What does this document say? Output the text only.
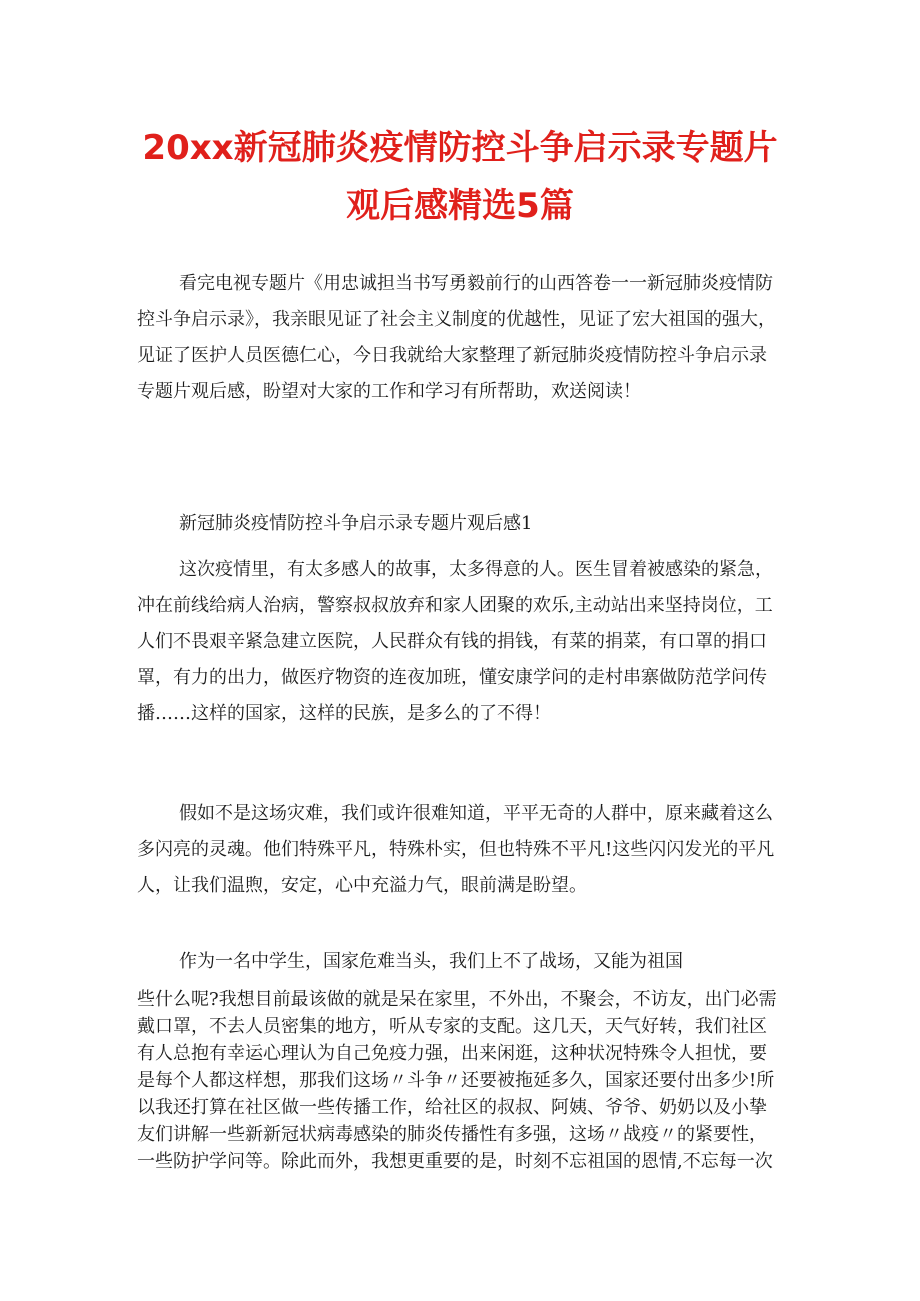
20xx新冠肺炎疫情防控斗争启示录专题片
观后感精选5篇

看完电视专题片《用忠诚担当书写勇毅前行的山西答卷一一新冠肺炎疫情防
控斗争启示录》，我亲眼见证了社会主义制度的优越性，见证了宏大祖国的强大，
见证了医护人员医德仁心，今日我就给大家整理了新冠肺炎疫情防控斗争启示录
专题片观后感，盼望对大家的工作和学习有所帮助，欢送阅读！

新冠肺炎疫情防控斗争启示录专题片观后感1

这次疫情里，有太多感人的故事，太多得意的人。医生冒着被感染的紧急，
冲在前线给病人治病，警察叔叔放弃和家人团聚的欢乐,主动站出来坚持岗位，工
人们不畏艰辛紧急建立医院，人民群众有钱的捐钱，有菜的捐菜，有口罩的捐口
罩，有力的出力，做医疗物资的连夜加班，懂安康学问的走村串寨做防范学问传
播……这样的国家，这样的民族，是多么的了不得！

假如不是这场灾难，我们或许很难知道，平平无奇的人群中，原来藏着这么
多闪亮的灵魂。他们特殊平凡，特殊朴实，但也特殊不平凡!这些闪闪发光的平凡
人，让我们温煦，安定，心中充溢力气，眼前满是盼望。

作为一名中学生，国家危难当头，我们上不了战场，又能为祖国

些什么呢?我想目前最该做的就是呆在家里，不外出，不聚会，不访友，出门必需
戴口罩，不去人员密集的地方，听从专家的支配。这几天，天气好转，我们社区
有人总抱有幸运心理认为自己免疫力强，出来闲逛，这种状况特殊令人担忧，要
是每个人都这样想，那我们这场〃斗争〃还要被拖延多久，国家还要付出多少!所
以我还打算在社区做一些传播工作，给社区的叔叔、阿姨、爷爷、奶奶以及小挚
友们讲解一些新新冠状病毒感染的肺炎传播性有多强，这场〃战疫〃的紧要性，
一些防护学问等。除此而外，我想更重要的是，时刻不忘祖国的恩情,不忘每一次
